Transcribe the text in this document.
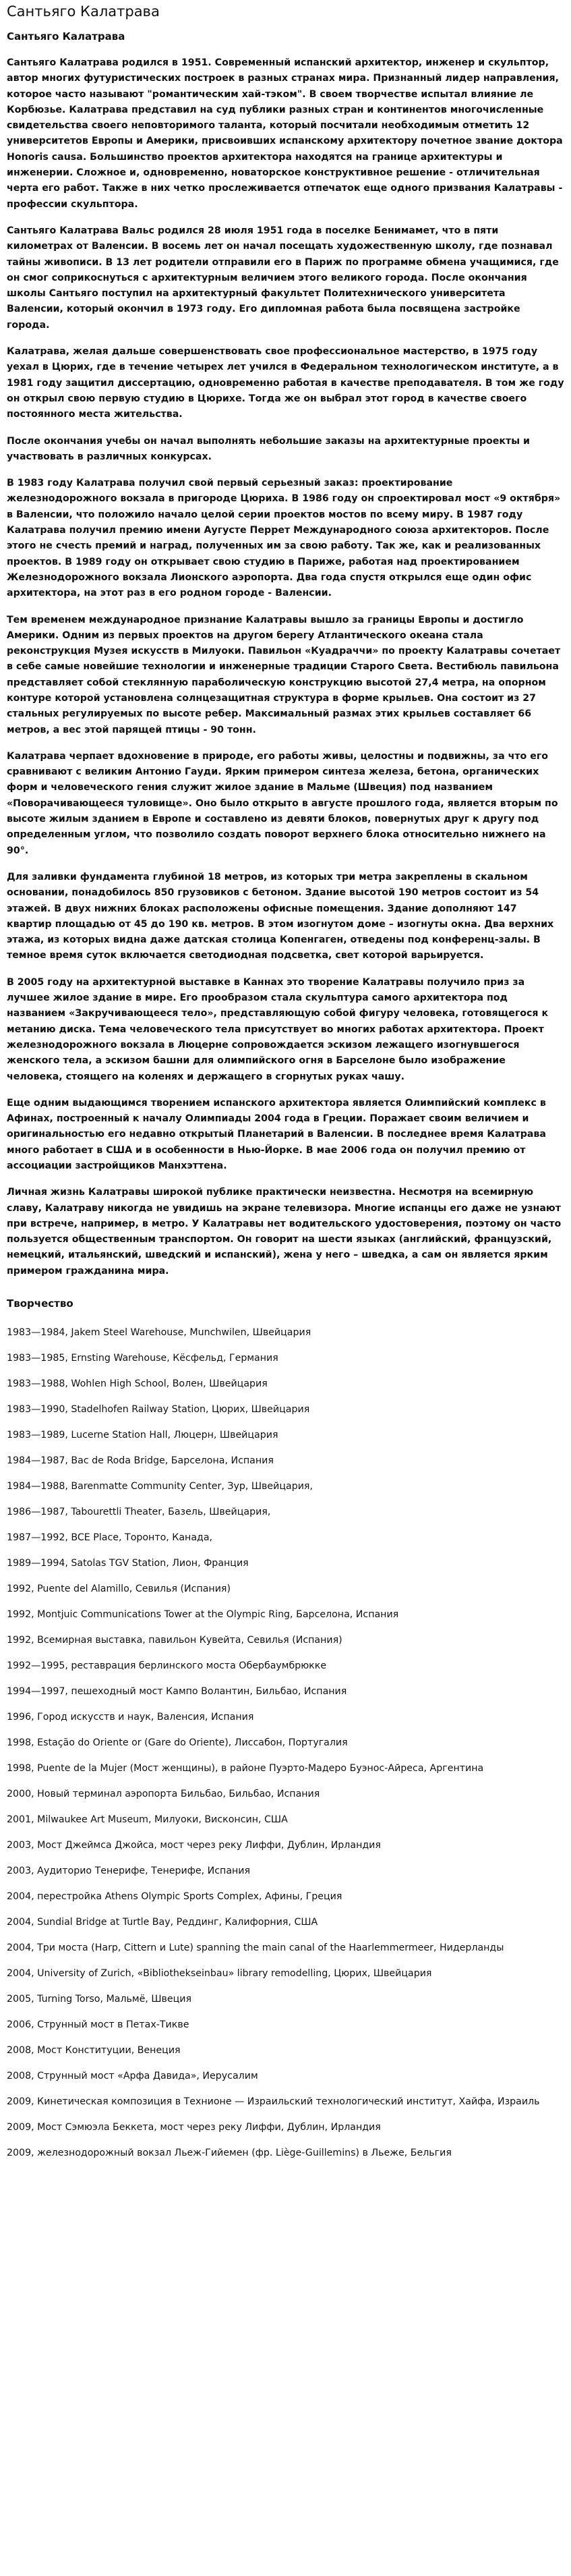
Сантьяго Калатрава
Сантьяго Калатрава

Сантьяго Калатрава родился в 1951. Современный испанский архитектор, инженер и скульптор, автор многих футуристических построек в разных странах мира. Признанный лидер направления, которое часто называют "романтическим хай-тэком". В своем творчестве испытал влияние ле Корбюзье. Калатрава представил на суд публики разных стран и континентов многочисленные свидетельства своего неповторимого таланта, который посчитали необходимым отметить 12 университетов Европы и Америки, присвоивших испанскому архитектору почетное звание доктора Honoris causa. Большинство проектов архитектора находятся на границе архитектуры и инженерии. Сложное и, одновременно, новаторское конструктивное решение - отличительная черта его работ. Также в них четко прослеживается отпечаток еще одного призвания Калатравы - профессии скульптора.

Сантьяго Калатрава Вальс родился 28 июля 1951 года в поселке Бенимамет, что в пяти километрах от Валенсии. В восемь лет он начал посещать художественную школу, где познавал тайны живописи. В 13 лет родители отправили его в Париж по программе обмена учащимися, где он смог соприкоснуться с архитектурным величием этого великого города. После окончания школы Сантьяго поступил на архитектурный факультет Политехнического университета Валенсии, который окончил в 1973 году. Его дипломная работа была посвящена застройке города.

Калатрава, желая дальше совершенствовать свое профессиональное мастерство, в 1975 году уехал в Цюрих, где в течение четырех лет учился в Федеральном технологическом институте, а в 1981 году защитил диссертацию, одновременно работая в качестве преподавателя. В том же году он открыл свою первую студию в Цюрихе. Тогда же он выбрал этот город в качестве своего постоянного места жительства.

После окончания учебы он начал выполнять небольшие заказы на архитектурные проекты и участвовать в различных конкурсах.

В 1983 году Калатрава получил свой первый серьезный заказ: проектирование железнодорожного вокзала в пригороде Цюриха. В 1986 году он спроектировал мост «9 октября» в Валенсии, что положило начало целой серии проектов мостов по всему миру. В 1987 году Калатрава получил премию имени Аугусте Перрет Международного союза архитекторов. После этого не счесть премий и наград, полученных им за свою работу. Так же, как и реализованных проектов. В 1989 году он открывает свою студию в Париже, работая над проектированием Железнодорожного вокзала Лионского аэропорта. Два года спустя открылся еще один офис архитектора, на этот раз в его родном городе - Валенсии.

Тем временем международное признание Калатравы вышло за границы Европы и достигло Америки. Одним из первых проектов на другом берегу Атлантического океана стала реконструкция Музея искусств в Милуоки. Павильон «Куадраччи» по проекту Калатравы сочетает в себе самые новейшие технологии и инженерные традиции Старого Света. Вестибюль павильона представляет собой стеклянную параболическую конструкцию высотой 27,4 метра, на опорном контуре которой установлена солнцезащитная структура в форме крыльев. Она состоит из 27 стальных регулируемых по высоте ребер. Максимальный размах этих крыльев составляет 66 метров, а вес этой парящей птицы - 90 тонн.

Калатрава черпает вдохновение в природе, его работы живы, целостны и подвижны, за что его сравнивают с великим Антонио Гауди. Ярким примером синтеза железа, бетона, органических форм и человеческого гения служит жилое здание в Мальме (Швеция) под названием «Поворачивающееся туловище». Оно было открыто в августе прошлого года, является вторым по высоте жилым зданием в Европе и составлено из девяти блоков, повернутых друг к другу под определенным углом, что позволило создать поворот верхнего блока относительно нижнего на 90°.

Для заливки фундамента глубиной 18 метров, из которых три метра закреплены в скальном основании, понадобилось 850 грузовиков с бетоном. Здание высотой 190 метров состоит из 54 этажей. В двух нижних блоках расположены офисные помещения. Здание дополняют 147 квартир площадью от 45 до 190 кв. метров. В этом изогнутом доме – изогнуты окна. Два верхних этажа, из которых видна даже датская столица Копенгаген, отведены под конференц-залы. В темное время суток включается светодиодная подсветка, свет которой варьируется.

В 2005 году на архитектурной выставке в Каннах это творение Калатравы получило приз за лучшее жилое здание в мире. Его прообразом стала скульптура самого архитектора под названием «Закручивающееся тело», представляющую собой фигуру человека, готовящегося к метанию диска. Тема человеческого тела присутствует во многих работах архитектора. Проект железнодорожного вокзала в Люцерне сопровождается эскизом лежащего изогнувшегося женского тела, а эскизом башни для олимпийского огня в Барселоне было изображение человека, стоящего на коленях и держащего в сгорнутых руках чашу.

Еще одним выдающимся творением испанского архитектора является Олимпийский комплекс в Афинах, построенный к началу Олимпиады 2004 года в Греции. Поражает своим величием и оригинальностью его недавно открытый Планетарий в Валенсии. В последнее время Калатрава много работает в США и в особенности в Нью-Йорке. В мае 2006 года он получил премию от ассоциации застройщиков Манхэттена.

Личная жизнь Калатравы широкой публике практически неизвестна. Несмотря на всемирную славу, Калатраву никогда не увидишь на экране телевизора. Многие испанцы его даже не узнают при встрече, например, в метро. У Калатравы нет водительского удостоверения, поэтому он часто пользуется общественным транспортом. Он говорит на шести языках (английский, французский, немецкий, итальянский, шведский и испанский), жена у него – шведка, а сам он является ярким примером гражданина мира.

Творчество

1983—1984, Jakem Steel Warehouse, Munchwilen, Швейцария

1983—1985, Ernsting Warehouse, Кёсфельд, Германия

1983—1988, Wohlen High School, Волен, Швейцария

1983—1990, Stadelhofen Railway Station, Цюрих, Швейцария

1983—1989, Lucerne Station Hall, Люцерн, Швейцария

1984—1987, Bac de Roda Bridge, Барселона, Испания

1984—1988, Barenmatte Community Center, Зур, Швейцария,

1986—1987, Tabourettli Theater, Базель, Швейцария,

1987—1992, BCE Place, Торонто, Канада,

1989—1994, Satolas TGV Station, Лион, Франция

1992, Puente del Alamillo, Севилья (Испания)

1992, Montjuic Communications Tower at the Olympic Ring, Барселона, Испания

1992, Всемирная выставка, павильон Кувейта, Севилья (Испания)

1992—1995, реставрация берлинского моста Обербаумбрюкке

1994—1997, пешеходный мост Кампо Волантин, Бильбао, Испания

1996, Город искусств и наук, Валенсия, Испания

1998, Estação do Oriente or (Gare do Oriente), Лиссабон, Португалия

1998, Puente de la Mujer (Мост женщины), в районе Пуэрто-Мадеро Буэнос-Айреса, Аргентина

2000, Новый терминал аэропорта Бильбао, Бильбао, Испания

2001, Milwaukee Art Museum, Милуоки, Висконсин, США

2003, Мост Джеймса Джойса, мост через реку Лиффи, Дублин, Ирландия

2003, Аудиторио Тенерифе, Тенерифе, Испания

2004, перестройка Athens Olympic Sports Complex, Афины, Греция

2004, Sundial Bridge at Turtle Bay, Реддинг, Калифорния, США

2004, Три моста (Harp, Cittern и Lute) spanning the main canal of the Haarlemmermeer, Нидерланды

2004, University of Zurich, «Bibliothekseinbau» library remodelling, Цюрих, Швейцария

2005, Turning Torso, Мальмё, Швеция

2006, Струнный мост в Петах-Тикве

2008, Мост Конституции, Венеция

2008, Струнный мост «Арфа Давида», Иерусалим

2009, Кинетическая композиция в Технионе — Израильский технологический институт, Хайфа, Израиль

2009, Мост Сэмюэла Беккета, мост через реку Лиффи, Дублин, Ирландия

2009, железнодорожный вокзал Льеж-Гийемен (фр. Liège-Guillemins) в Льеже, Бельгия
